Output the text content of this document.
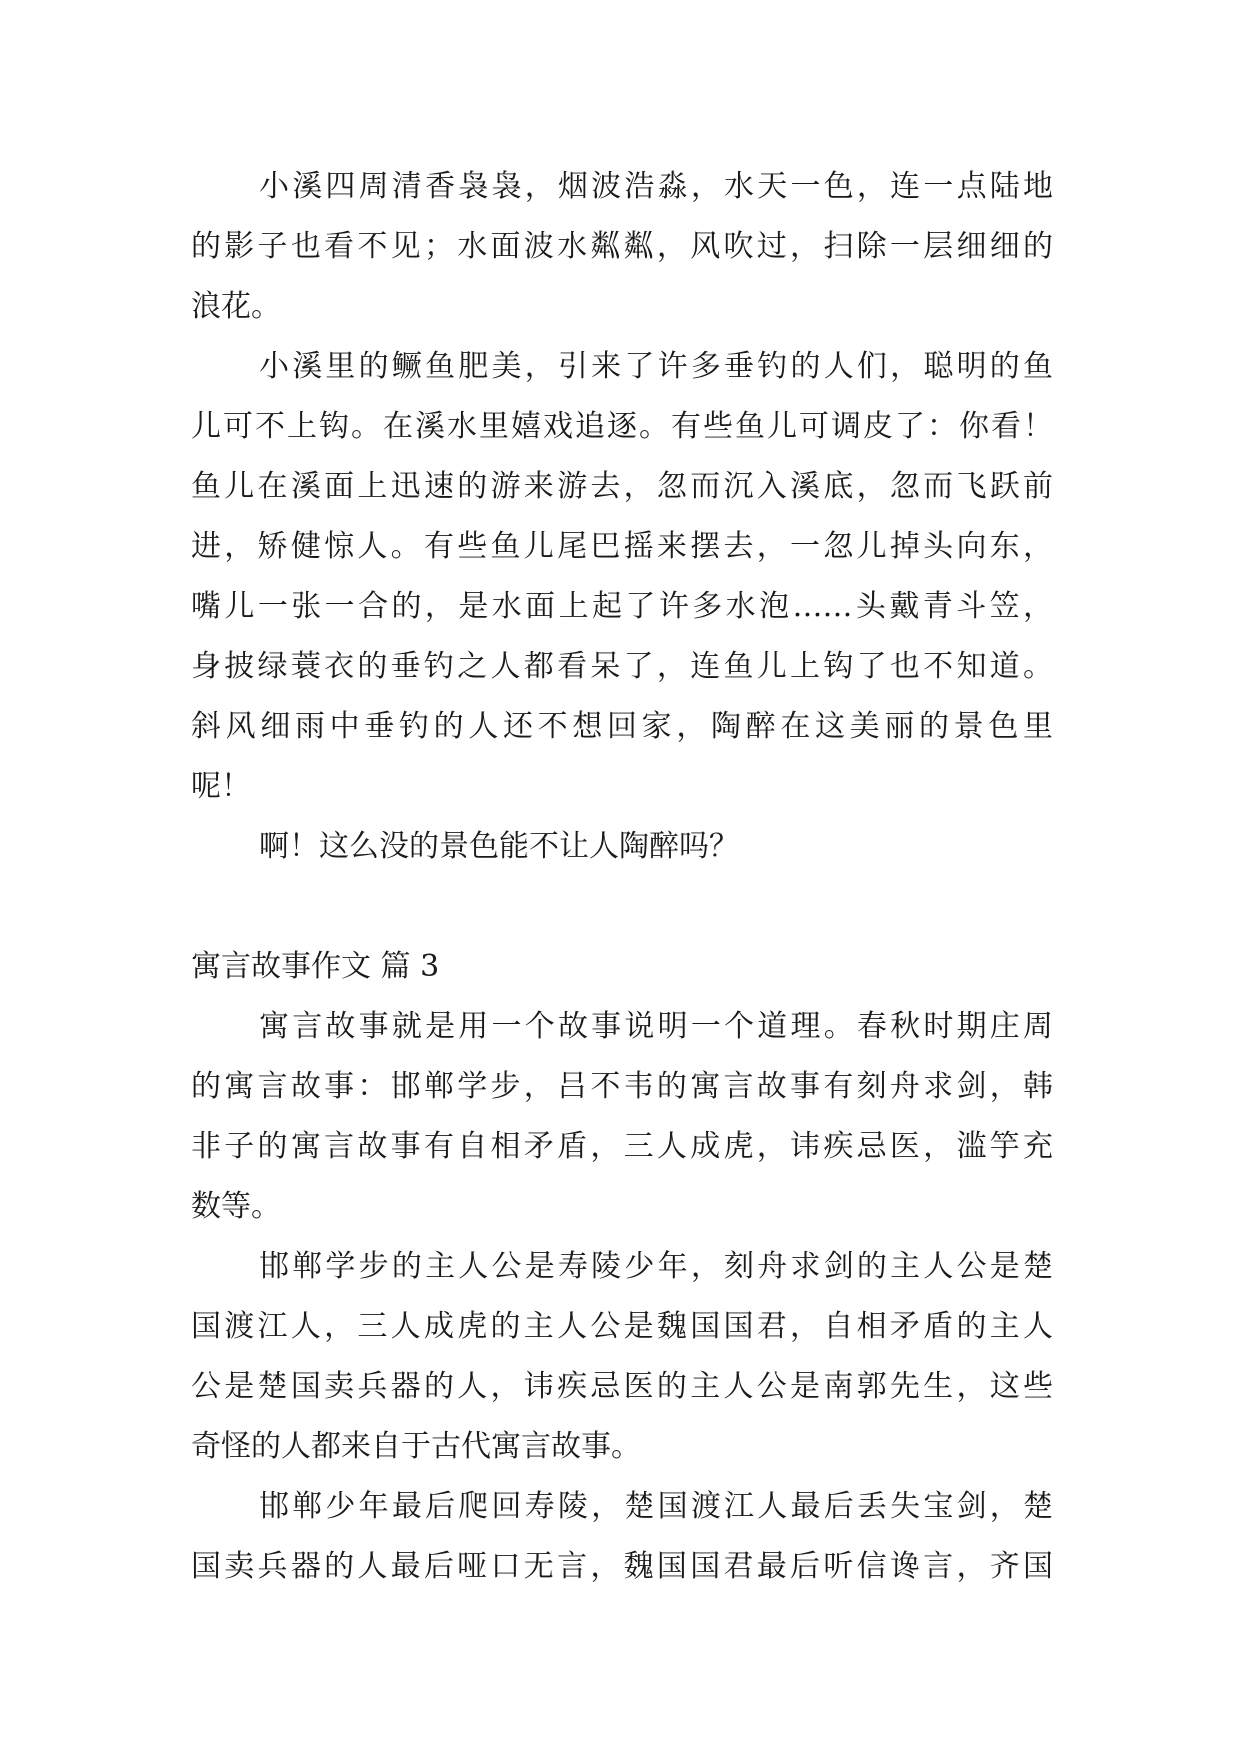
小溪四周清香袅袅，烟波浩淼，水天一色，连一点陆地
的影子也看不见；水面波水粼粼，风吹过，扫除一层细细的
浪花。
小溪里的鳜鱼肥美，引来了许多垂钓的人们，聪明的鱼
儿可不上钩。在溪水里嬉戏追逐。有些鱼儿可调皮了：你看！
鱼儿在溪面上迅速的游来游去，忽而沉入溪底，忽而飞跃前
进，矫健惊人。有些鱼儿尾巴摇来摆去，一忽儿掉头向东，
嘴儿一张一合的，是水面上起了许多水泡……头戴青斗笠，
身披绿蓑衣的垂钓之人都看呆了，连鱼儿上钩了也不知道。
斜风细雨中垂钓的人还不想回家，陶醉在这美丽的景色里
呢！
啊！这么没的景色能不让人陶醉吗？
寓言故事作文 篇 3
寓言故事就是用一个故事说明一个道理。春秋时期庄周
的寓言故事：邯郸学步，吕不韦的寓言故事有刻舟求剑，韩
非子的寓言故事有自相矛盾，三人成虎，讳疾忌医，滥竽充
数等。
邯郸学步的主人公是寿陵少年，刻舟求剑的主人公是楚
国渡江人，三人成虎的主人公是魏国国君，自相矛盾的主人
公是楚国卖兵器的人，讳疾忌医的主人公是南郭先生，这些
奇怪的人都来自于古代寓言故事。
邯郸少年最后爬回寿陵，楚国渡江人最后丢失宝剑，楚
国卖兵器的人最后哑口无言，魏国国君最后听信谗言，齐国
